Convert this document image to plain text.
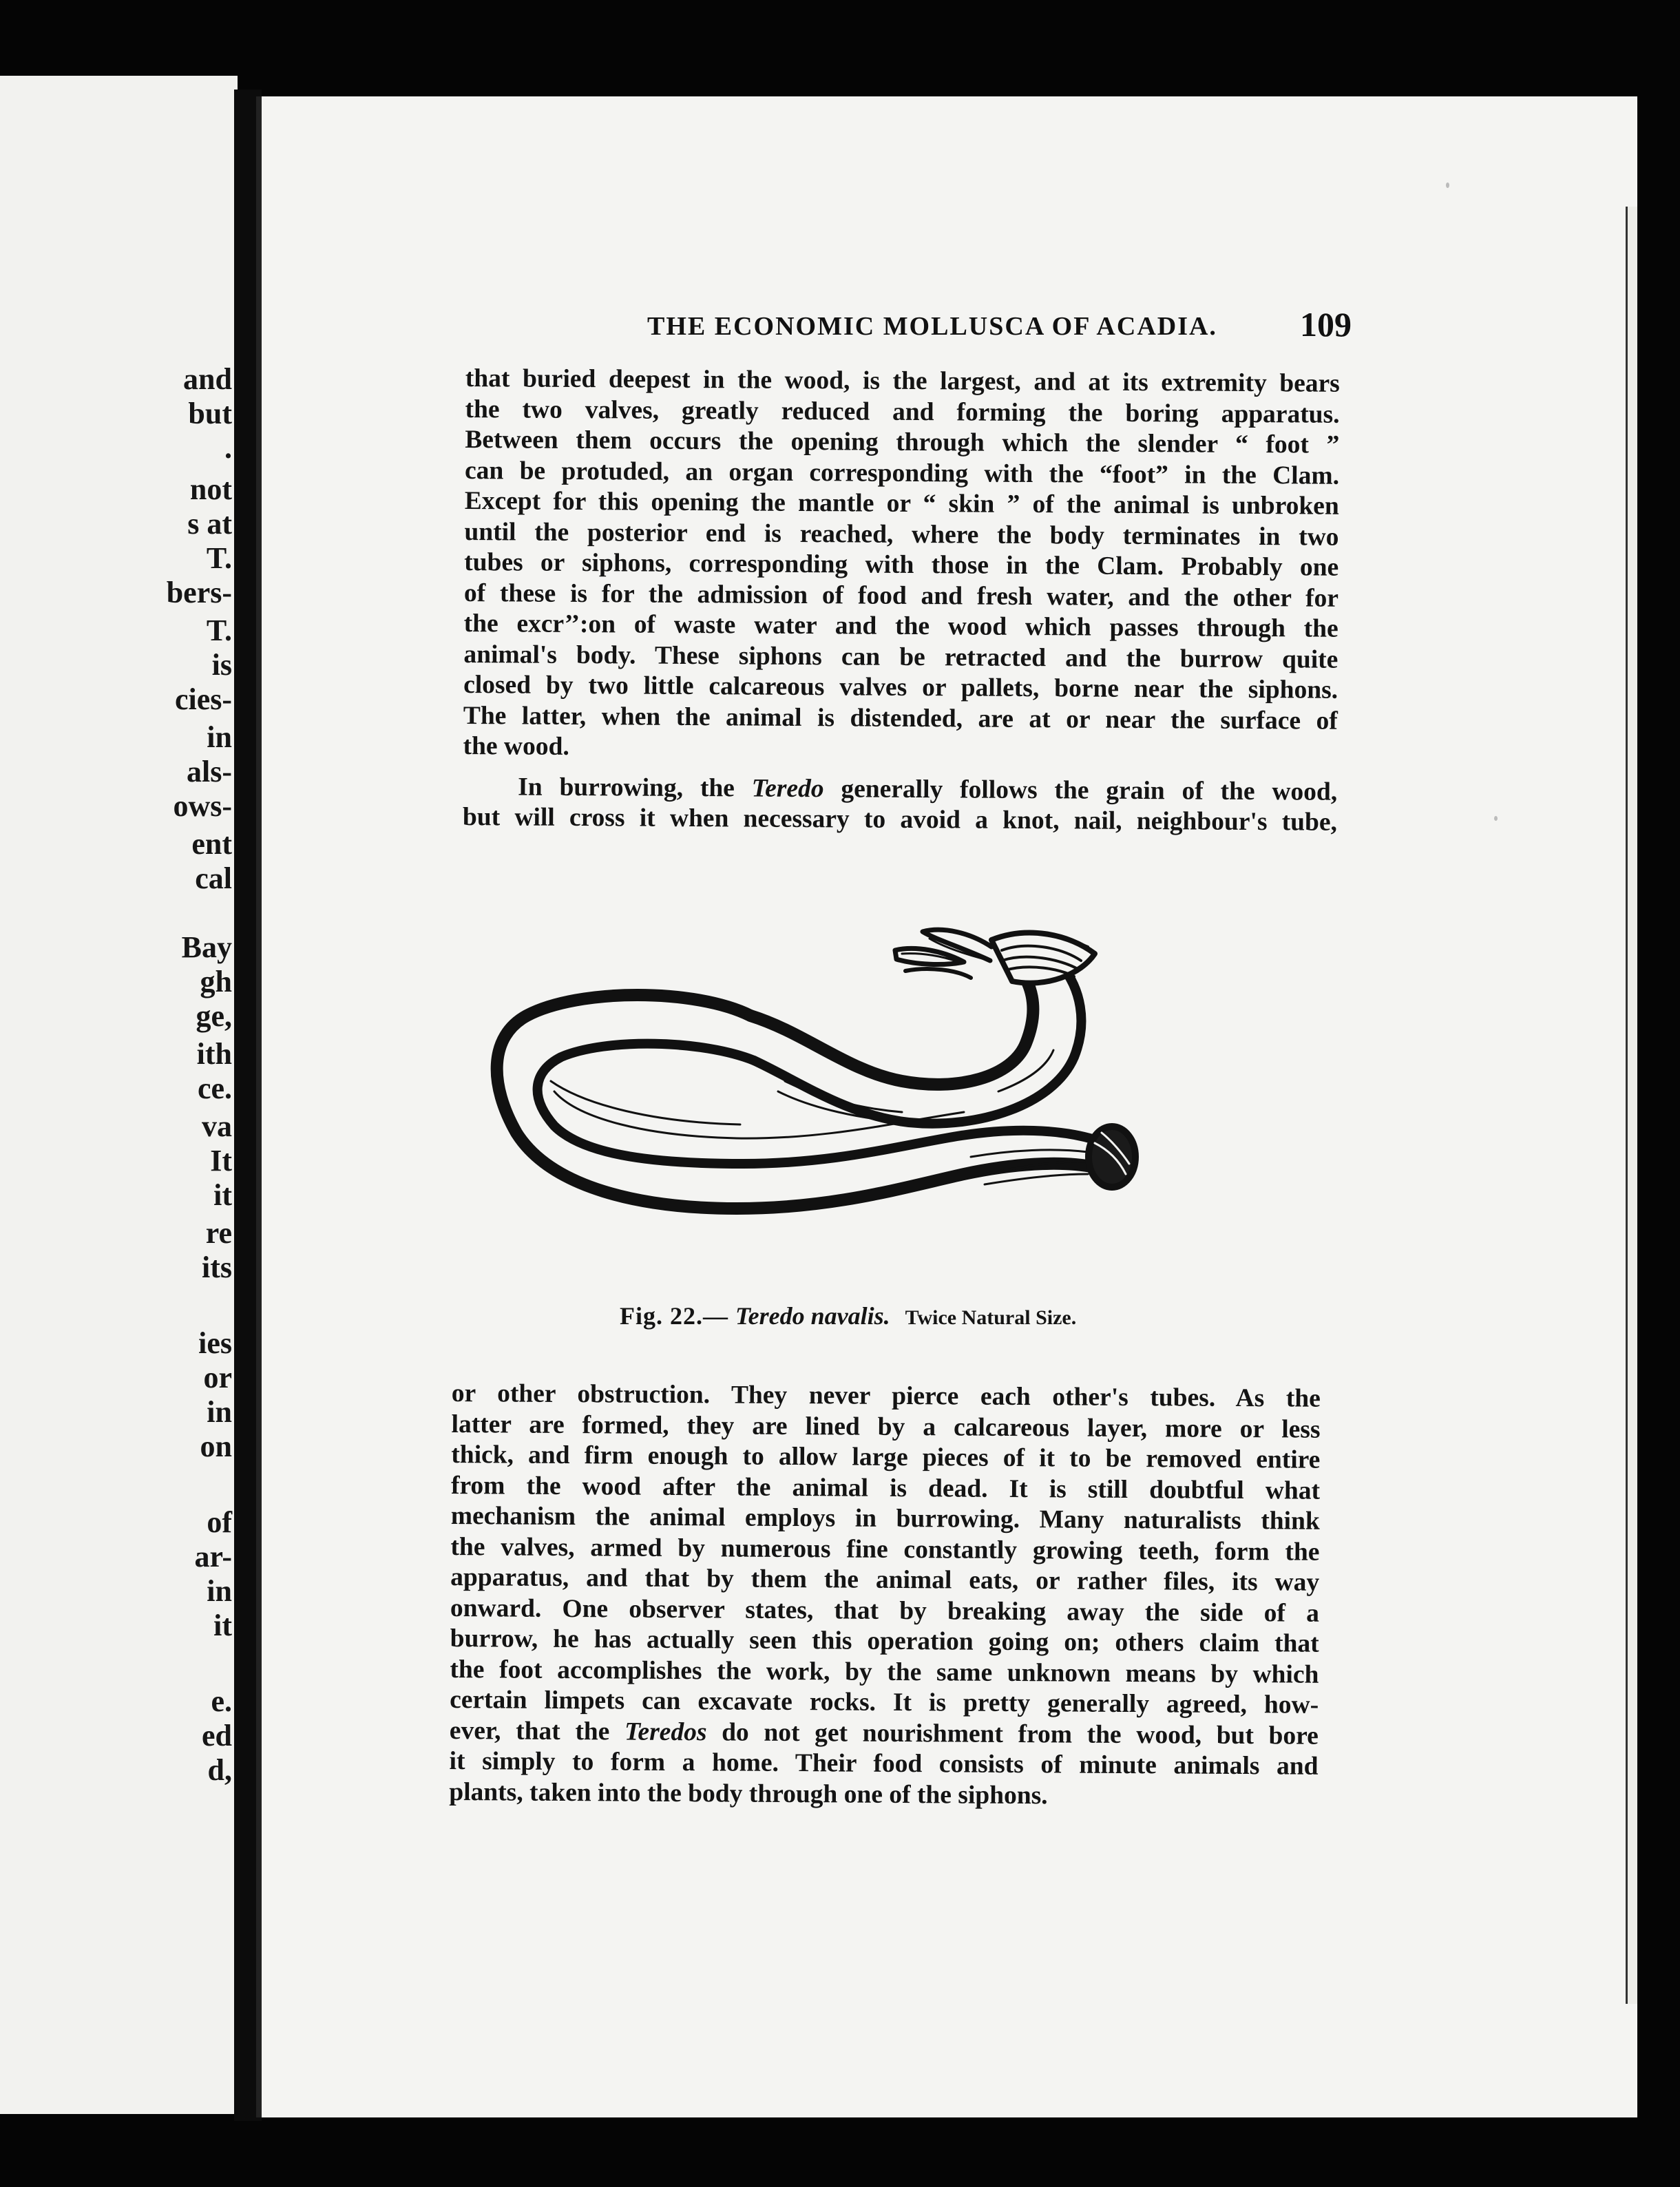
and
but
.
not
s at
T.
bers-
T.
is
cies-
in
als-
ows-
ent
cal
Bay
gh
ge,
ith
ce.
va
It
it
re
its
ies
or
in
on
of
ar-
in
it
e.
ed
d,
THE ECONOMIC MOLLUSCA OF ACADIA. 109
that buried deepest in the wood, is the largest, and at its extremity bears
the two valves, greatly reduced and forming the boring apparatus.
Between them occurs the opening through which the slender “ foot ”
can be protuded, an organ corresponding with the “foot” in the Clam.
Except for this opening the mantle or “ skin ” of the animal is unbroken
until the posterior end is reached, where the body terminates in two
tubes or siphons, corresponding with those in the Clam. Probably one
of these is for the admission of food and fresh water, and the other for
the excr’’:on of waste water and the wood which passes through the
animal's body. These siphons can be retracted and the burrow quite
closed by two little calcareous valves or pallets, borne near the siphons.
The latter, when the animal is distended, are at or near the surface of
the wood.
In burrowing, the Teredo generally follows the grain of the wood,
but will cross it when necessary to avoid a knot, nail, neighbour's tube,
Fig. 22.— Teredo navalis. Twice Natural Size.
or other obstruction. They never pierce each other's tubes. As the
latter are formed, they are lined by a calcareous layer, more or less
thick, and firm enough to allow large pieces of it to be removed entire
from the wood after the animal is dead. It is still doubtful what
mechanism the animal employs in burrowing. Many naturalists think
the valves, armed by numerous fine constantly growing teeth, form the
apparatus, and that by them the animal eats, or rather files, its way
onward. One observer states, that by breaking away the side of a
burrow, he has actually seen this operation going on; others claim that
the foot accomplishes the work, by the same unknown means by which
certain limpets can excavate rocks. It is pretty generally agreed, how-
ever, that the Teredos do not get nourishment from the wood, but bore
it simply to form a home. Their food consists of minute animals and
plants, taken into the body through one of the siphons.
